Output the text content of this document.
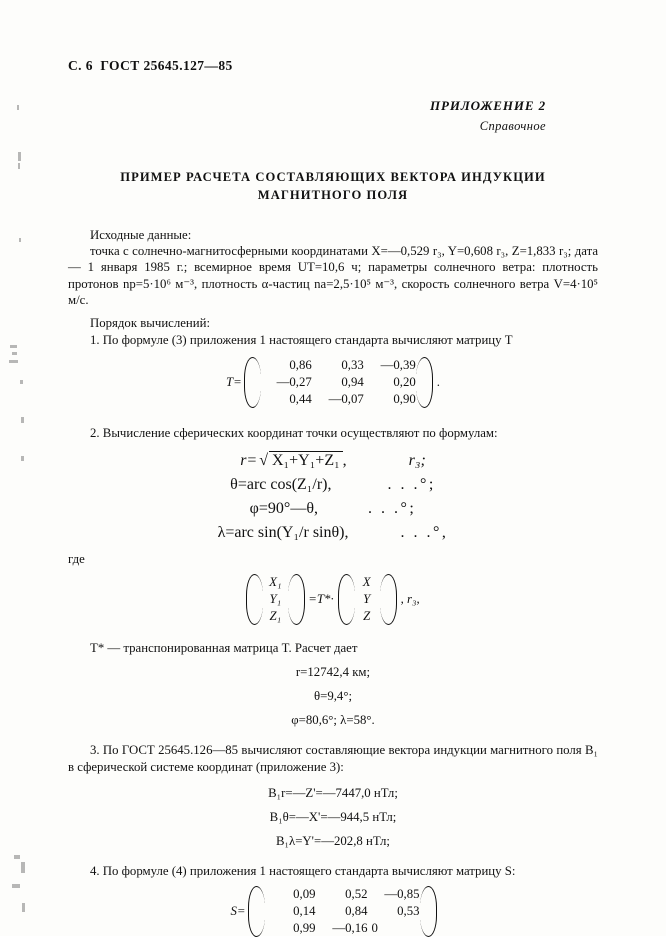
С. 6  ГОСТ 25645.127—85
ПРИЛОЖЕНИЕ 2
Справочное
ПРИМЕР РАСЧЕТА СОСТАВЛЯЮЩИХ ВЕКТОРА ИНДУКЦИИ
МАГНИТНОГО ПОЛЯ

Исходные данные:

точка с солнечно-магнитосферными координатами X=—0,529 r₃, Y=0,608 r₃, Z=1,833 r₃; дата — 1 января 1985 г.; всемирное время UT=10,6 ч; параметры солнечного ветра: плотность протонов nр=5·10⁶ м⁻³, плотность α-частиц nа=2,5·10⁵ м⁻³, скорость солнечного ветра V=4·10⁵ м/с.

Порядок вычислений:

1. По формуле (3) приложения 1 настоящего стандарта вычисляют матрицу T

T=
0,86	0,33	—0,39
—0,27	0,94	0,20
0,44	—0,07	0,90
.

2. Вычисление сферических координат точки осуществляют по формулам:

r= √ X₁+Y₁+Z₁ ,	r₃;
θ=arc cos(Z₁/r),	. . .°;
φ=90°—θ,	. . .°;
λ=arc sin(Y₁/r sinθ),	. . .°,
где
X₁
Y₁
Z₁
=T*·
X
Y
Z
, r₃,

T* — транспонированная матрица T. Расчет дает

r=12742,4 км;

θ=9,4°;

φ=80,6°; λ=58°.

3. По ГОСТ 25645.126—85 вычисляют составляющие вектора индукции магнитного поля B₁ в сферической системе координат (приложение 3):

B₁r=—Z'=—7447,0 нТл;

B₁θ=—X'=—944,5 нТл;

B₁λ=Y'=—202,8 нТл;

4. По формуле (4) приложения 1 настоящего стандарта вычисляют матрицу S:

S=
0,09	0,52	—0,85
0,14	0,84	0,53
0,99	—0,16 0
